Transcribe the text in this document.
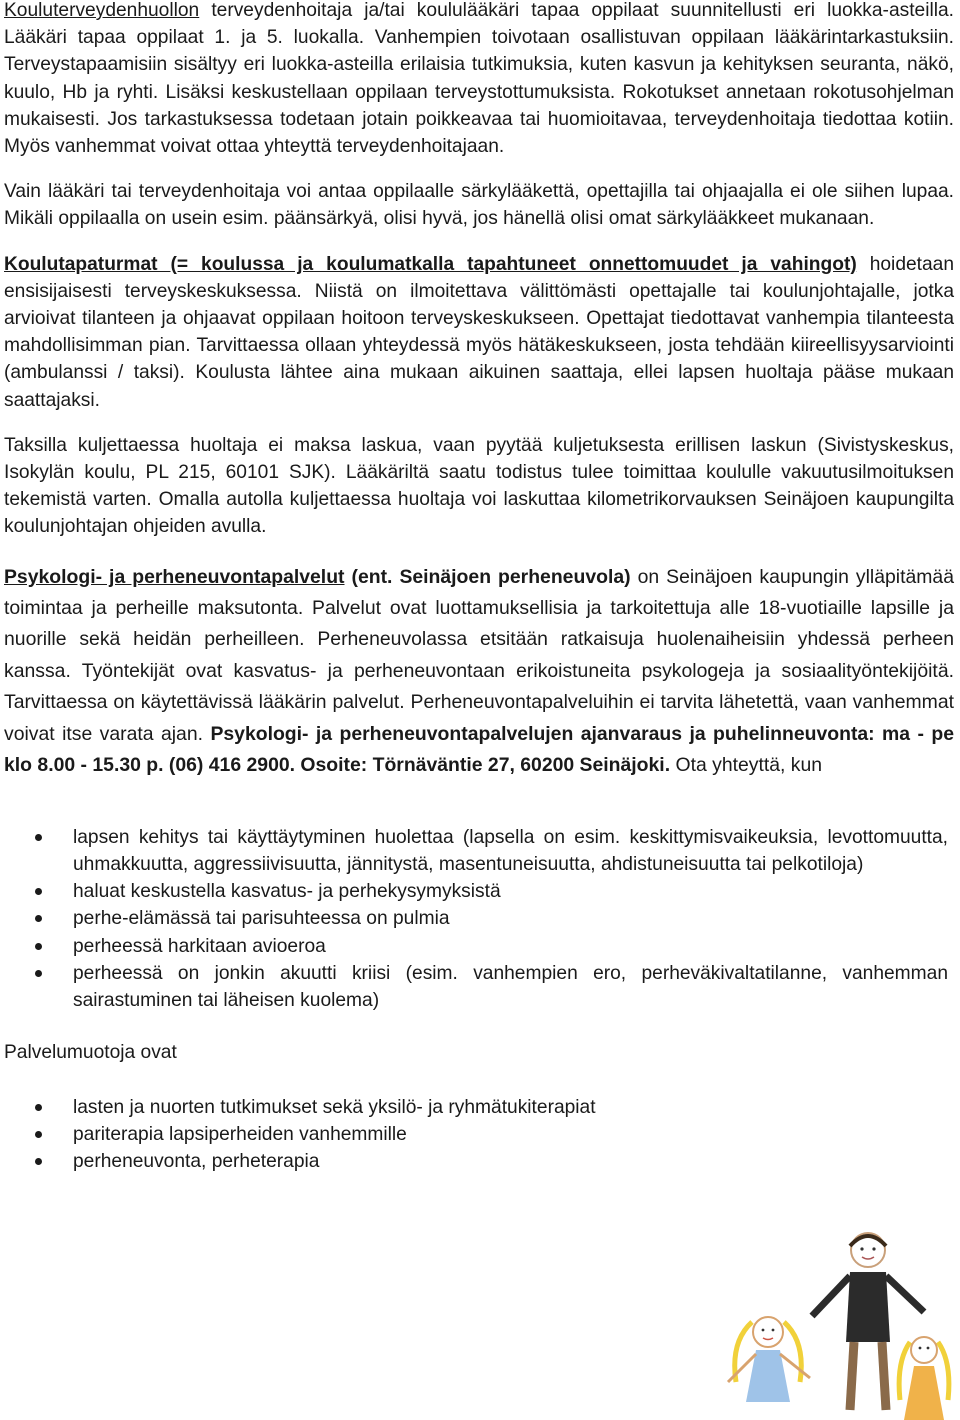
Kouluterveydenhuollon terveydenhoitaja ja/tai koululääkäri tapaa oppilaat suunnitellusti eri luokka-asteilla. Lääkäri tapaa oppilaat 1. ja 5. luokalla. Vanhempien toivotaan osallistuvan oppilaan lääkärintarkastuksiin. Terveystapaamisiin sisältyy eri luokka-asteilla erilaisia tutkimuksia, kuten kasvun ja kehityksen seuranta, näkö, kuulo, Hb ja ryhti. Lisäksi keskustellaan oppilaan terveystottumuksista. Rokotukset annetaan rokotusohjelman mukaisesti. Jos tarkastuksessa todetaan jotain poikkeavaa tai huomioitavaa, terveydenhoitaja tiedottaa kotiin. Myös vanhemmat voivat ottaa yhteyttä terveydenhoitajaan.

Vain lääkäri tai terveydenhoitaja voi antaa oppilaalle särkylääkettä, opettajilla tai ohjaajalla ei ole siihen lupaa. Mikäli oppilaalla on usein esim. päänsärkyä, olisi hyvä, jos hänellä olisi omat särkylääkkeet mukanaan.

Koulutapaturmat (= koulussa ja koulumatkalla tapahtuneet onnettomuudet ja vahingot) hoidetaan ensisijaisesti terveyskeskuksessa. Niistä on ilmoitettava välittömästi opettajalle tai koulunjohtajalle, jotka arvioivat tilanteen ja ohjaavat oppilaan hoitoon terveyskeskukseen. Opettajat tiedottavat vanhempia tilanteesta mahdollisimman pian. Tarvittaessa ollaan yhteydessä myös hätäkeskukseen, josta tehdään kiireellisyysarviointi (ambulanssi / taksi). Koulusta lähtee aina mukaan aikuinen saattaja, ellei lapsen huoltaja pääse mukaan saattajaksi.

Taksilla kuljettaessa huoltaja ei maksa laskua, vaan pyytää kuljetuksesta erillisen laskun (Sivistyskeskus, Isokylän koulu, PL 215, 60101 SJK). Lääkäriltä saatu todistus tulee toimittaa koululle vakuutusilmoituksen tekemistä varten. Omalla autolla kuljettaessa huoltaja voi laskuttaa kilometrikorvauksen Seinäjoen kaupungilta koulunjohtajan ohjeiden avulla.

Psykologi- ja perheneuvontapalvelut (ent. Seinäjoen perheneuvola) on Seinäjoen kaupungin ylläpitämää toimintaa ja perheille maksutonta. Palvelut ovat luottamuksellisia ja tarkoitettuja alle 18-vuotiaille lapsille ja nuorille sekä heidän perheilleen. Perheneuvolassa etsitään ratkaisuja huolenaiheisiin yhdessä perheen kanssa. Työntekijät ovat kasvatus- ja perheneuvontaan erikoistuneita psykologeja ja sosiaalityöntekijöitä. Tarvittaessa on käytettävissä lääkärin palvelut. Perheneuvontapalveluihin ei tarvita lähetettä, vaan vanhemmat voivat itse varata ajan. Psykologi- ja perheneuvontapalvelujen ajanvaraus ja puhelinneuvonta: ma - pe klo 8.00 - 15.30 p. (06) 416 2900. Osoite: Törnäväntie 27, 60200 Seinäjoki. Ota yhteyttä, kun

lapsen kehitys tai käyttäytyminen huolettaa (lapsella on esim. keskittymisvaikeuksia, levottomuutta, uhmakkuutta, aggressiivisuutta, jännitystä, masentuneisuutta, ahdistuneisuutta tai pelkotiloja)
haluat keskustella kasvatus- ja perhekysymyksistä
perhe-elämässä tai parisuhteessa on pulmia
perheessä harkitaan avioeroa
perheessä on jonkin akuutti kriisi (esim. vanhempien ero, perheväkivaltatilanne, vanhemman sairastuminen tai läheisen kuolema)

Palvelumuotoja ovat

lasten ja nuorten tutkimukset sekä yksilö- ja ryhmätukiterapiat
pariterapia lapsiperheiden vanhemmille
perheneuvonta, perheterapia
